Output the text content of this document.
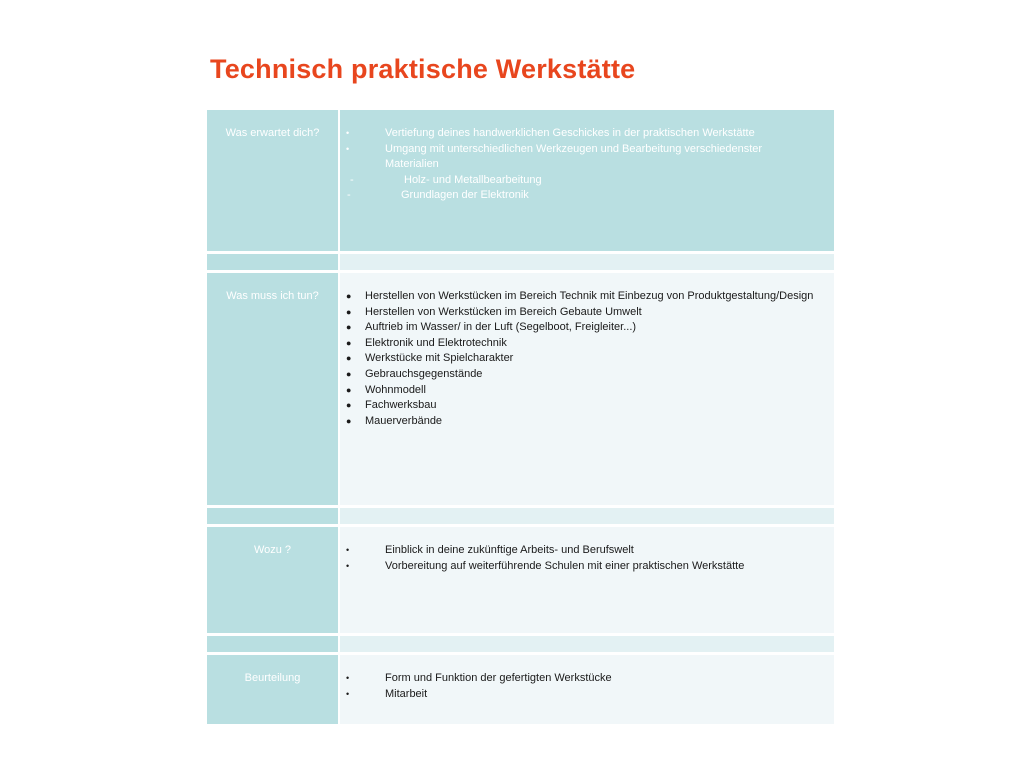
Technisch praktische Werkstätte
Was erwartet dich?	•	Vertiefung deines handwerklichen Geschickes in der praktischen Werkstätte
•	Umgang mit unterschiedlichen Werkzeugen und Bearbeitung verschiedenster Materialien
-	Holz- und Metallbearbeitung
-	Grundlagen der Elektronik
Was muss ich tun?	● Herstellen von Werkstücken im Bereich Technik mit Einbezug von Produktgestaltung/Design
● Herstellen von Werkstücken im Bereich Gebaute Umwelt
● Auftrieb im Wasser/ in der Luft (Segelboot, Freigleiter...)
● Elektronik und Elektrotechnik
● Werkstücke mit Spielcharakter
● Gebrauchsgegenstände
● Wohnmodell
● Fachwerksbau
● Mauerverbände
Wozu ?	•	Einblick in deine zukünftige Arbeits- und Berufswelt
•	Vorbereitung auf weiterführende Schulen mit einer praktischen Werkstätte
Beurteilung	•	Form und Funktion der gefertigten Werkstücke
•	Mitarbeit
